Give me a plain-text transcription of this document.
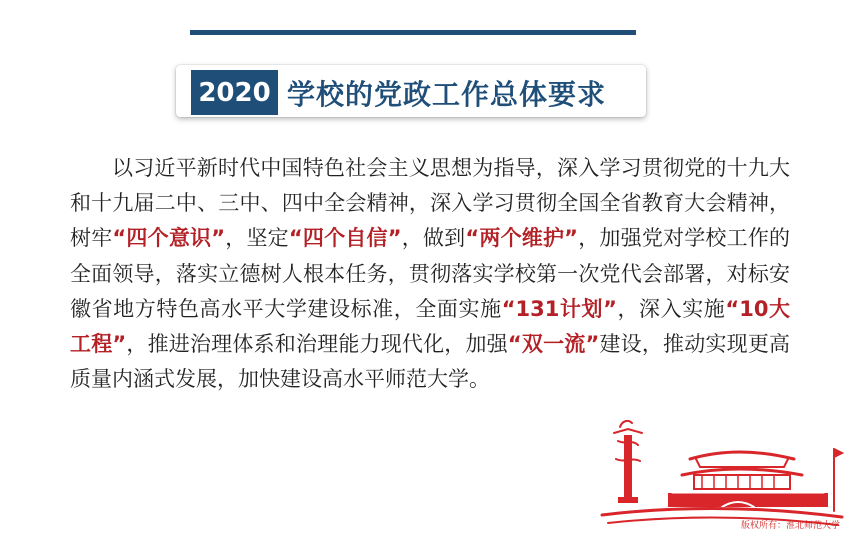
2020 学校的党政工作总体要求

以习近平新时代中国特色社会主义思想为指导，深入学习贯彻党的十九大和十九届二中、三中、四中全会精神，深入学习贯彻全国全省教育大会精神，树牢“四个意识”，坚定“四个自信”，做到“两个维护”，加强党对学校工作的全面领导，落实立德树人根本任务，贯彻落实学校第一次党代会部署，对标安徽省地方特色高水平大学建设标准，全面实施“131计划”，深入实施“10大工程”，推进治理体系和治理能力现代化，加强“双一流”建设，推动实现更高质量内涵式发展，加快建设高水平师范大学。

版权所有：淮北师范大学
